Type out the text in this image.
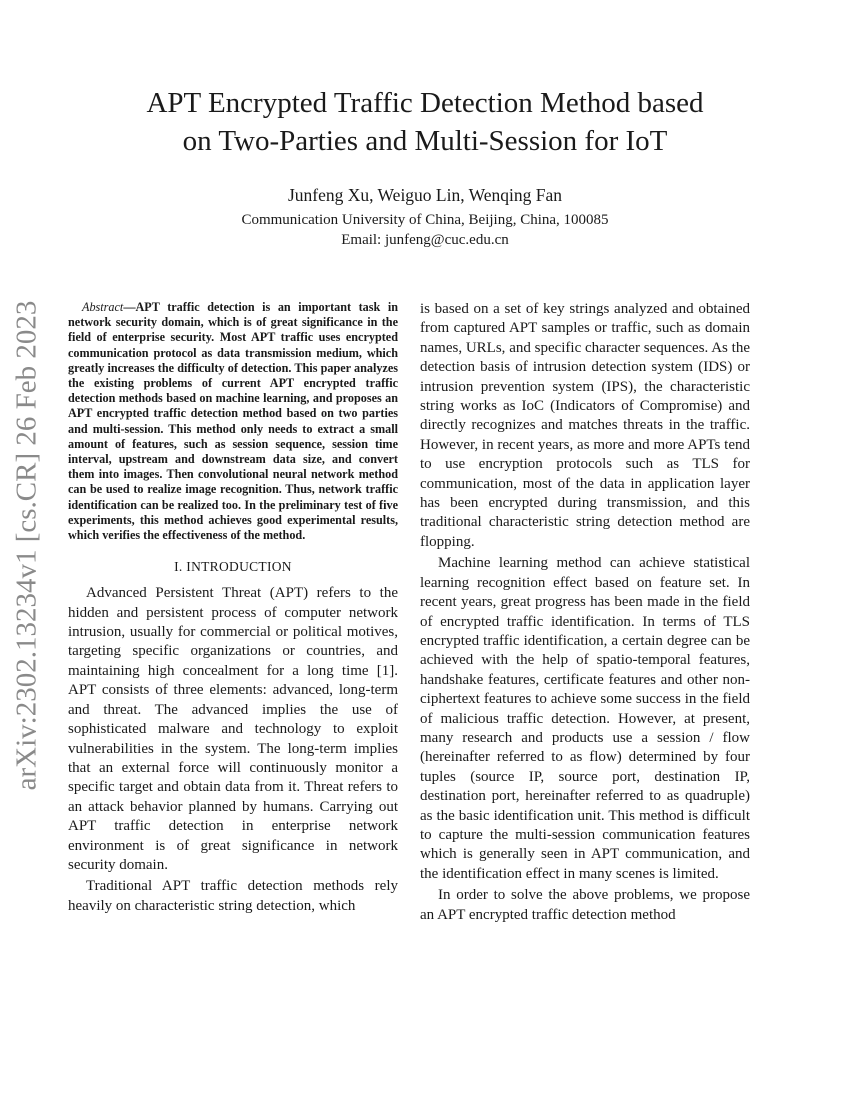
APT Encrypted Traffic Detection Method based
on Two-Parties and Multi-Session for IoT
Junfeng Xu, Weiguo Lin, Wenqing Fan
Communication University of China, Beijing, China, 100085
Email: junfeng@cuc.edu.cn
arXiv:2302.13234v1 [cs.CR] 26 Feb 2023	Abstract—APT traffic detection is an important task in network security domain, which is of great significance in the field of enterprise security. Most APT traffic uses encrypted communication protocol as data transmission medium, which greatly increases the difficulty of detection. This paper analyzes the existing problems of current APT encrypted traffic detection methods based on machine learning, and proposes an APT encrypted traffic detection method based on two parties and multi-session. This method only needs to extract a small amount of features, such as session sequence, session time interval, upstream and downstream data size, and convert them into images. Then convolutional neural network method can be used to realize image recognition. Thus, network traffic identification can be realized too. In the preliminary test of five experiments, this method achieves good experimental results, which verifies the effectiveness of the method.

I. INTRODUCTION

Advanced Persistent Threat (APT) refers to the hidden and persistent process of computer network intrusion, usually for commercial or political motives, targeting specific organizations or countries, and maintaining high concealment for a long time [1]. APT consists of three elements: advanced, long-term and threat. The advanced implies the use of sophisticated malware and technology to exploit vulnerabilities in the system. The long-term implies that an external force will continuously monitor a specific target and obtain data from it. Threat refers to an attack behavior planned by humans. Carrying out APT traffic detection in enterprise network environment is of great significance in network security domain.

Traditional APT traffic detection methods rely heavily on characteristic string detection, which

is based on a set of key strings analyzed and obtained from captured APT samples or traffic, such as domain names, URLs, and specific character sequences. As the detection basis of intrusion detection system (IDS) or intrusion prevention system (IPS), the characteristic string works as IoC (Indicators of Compromise) and directly recognizes and matches threats in the traffic. However, in recent years, as more and more APTs tend to use encryption protocols such as TLS for communication, most of the data in application layer has been encrypted during transmission, and this traditional characteristic string detection method are flopping.

Machine learning method can achieve statistical learning recognition effect based on feature set. In recent years, great progress has been made in the field of encrypted traffic identification. In terms of TLS encrypted traffic identification, a certain degree can be achieved with the help of spatio-temporal features, handshake features, certificate features and other non-ciphertext features to achieve some success in the field of malicious traffic detection. However, at present, many research and products use a session / flow (hereinafter referred to as flow) determined by four tuples (source IP, source port, destination IP, destination port, hereinafter referred to as quadruple) as the basic identification unit. This method is difficult to capture the multi-session communication features which is generally seen in APT communication, and the identification effect in many scenes is limited.

In order to solve the above problems, we propose an APT encrypted traffic detection method
